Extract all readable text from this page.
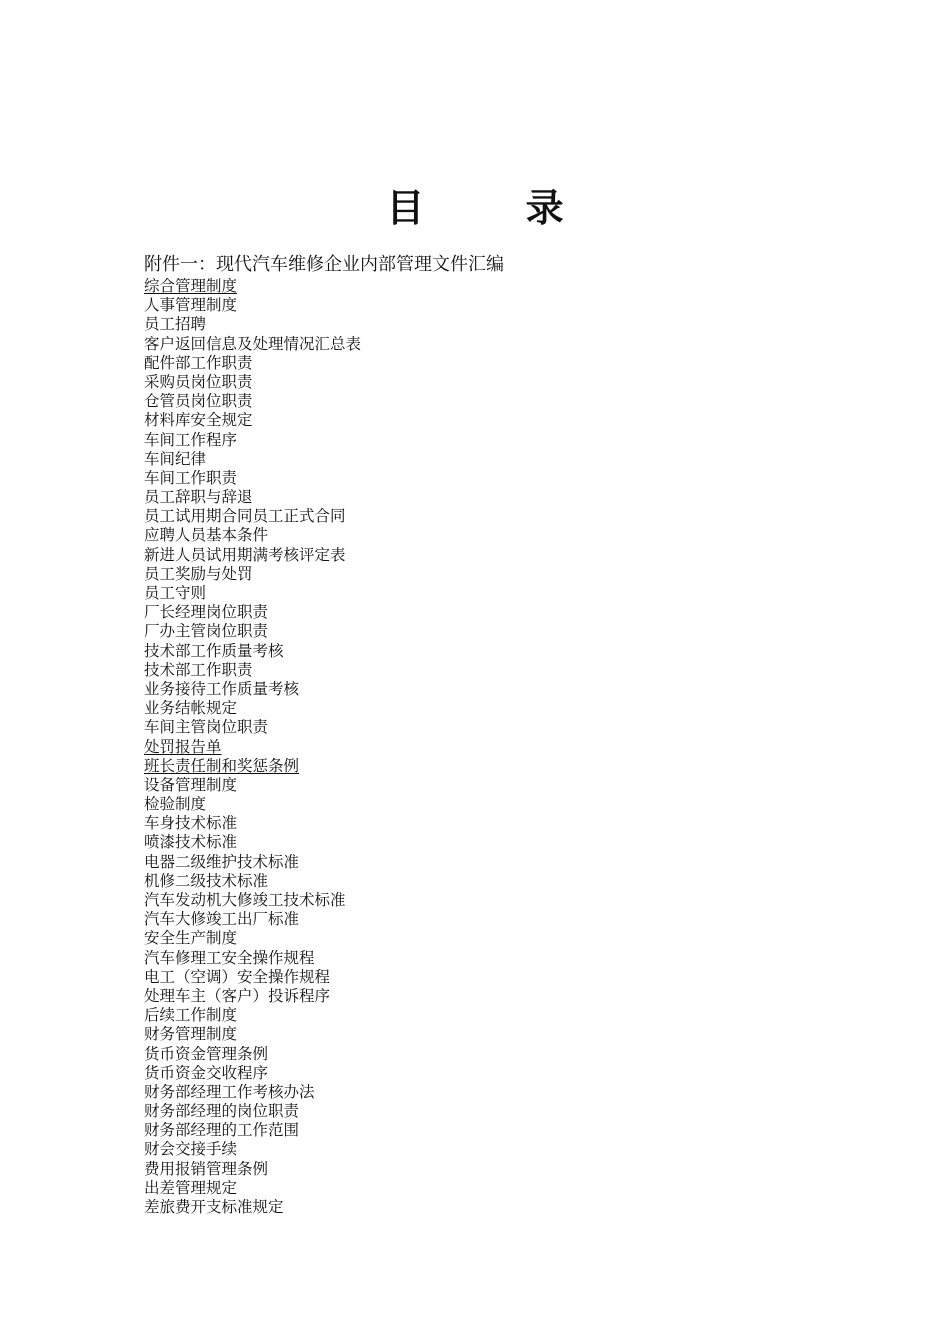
目 录
附件一：现代汽车维修企业内部管理文件汇编
综合管理制度
人事管理制度
员工招聘
客户返回信息及处理情况汇总表
配件部工作职责
采购员岗位职责
仓管员岗位职责
材料库安全规定
车间工作程序
车间纪律
车间工作职责
员工辞职与辞退
员工试用期合同员工正式合同
应聘人员基本条件
新进人员试用期满考核评定表
员工奖励与处罚
员工守则
厂长经理岗位职责
厂办主管岗位职责
技术部工作质量考核
技术部工作职责
业务接待工作质量考核
业务结帐规定
车间主管岗位职责
处罚报告单
班长责任制和奖惩条例
设备管理制度
检验制度
车身技术标准
喷漆技术标准
电器二级维护技术标准
机修二级技术标准
汽车发动机大修竣工技术标准
汽车大修竣工出厂标准
安全生产制度
汽车修理工安全操作规程
电工（空调）安全操作规程
处理车主（客户）投诉程序
后续工作制度
财务管理制度
货币资金管理条例
货币资金交收程序
财务部经理工作考核办法
财务部经理的岗位职责
财务部经理的工作范围
财会交接手续
费用报销管理条例
出差管理规定
差旅费开支标准规定
